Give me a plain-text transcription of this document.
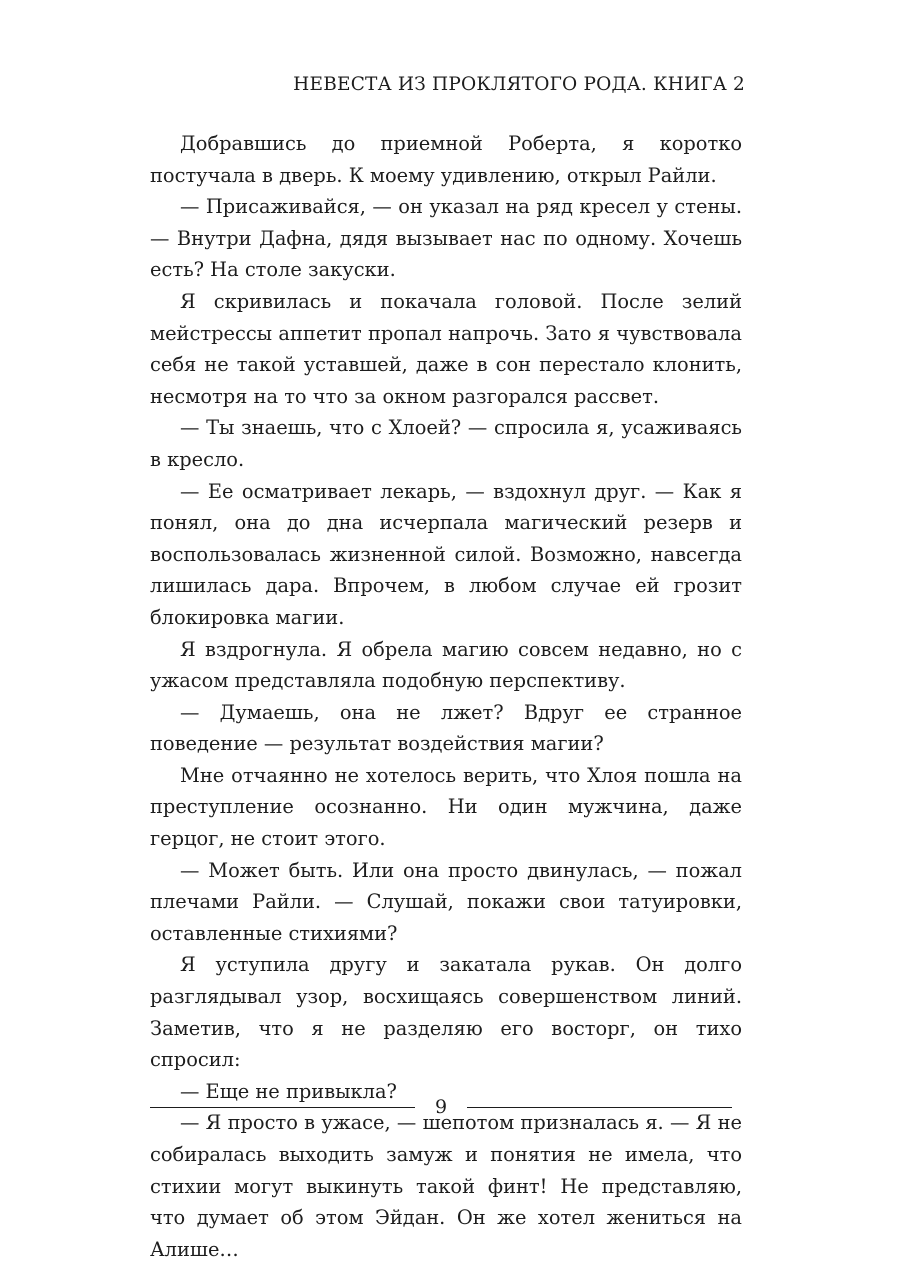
НЕВЕСТА ИЗ ПРОКЛЯТОГО РОДА. КНИГА 2

Добравшись до приемной Роберта, я коротко постучала в дверь. К моему удивлению, открыл Райли.

— Присаживайся, — он указал на ряд кресел у стены. — Внутри Дафна, дядя вызывает нас по одному. Хочешь есть? На столе закуски.

Я скривилась и покачала головой. После зелий мейстрессы аппетит пропал напрочь. Зато я чувствовала себя не такой уставшей, даже в сон перестало клонить, несмотря на то что за окном разгорался рассвет.

— Ты знаешь, что с Хлоей? — спросила я, усаживаясь в кресло.

— Ее осматривает лекарь, — вздохнул друг. — Как я понял, она до дна исчерпала магический резерв и воспользовалась жизненной силой. Возможно, навсегда лишилась дара. Впрочем, в любом случае ей грозит блокировка магии.

Я вздрогнула. Я обрела магию совсем недавно, но с ужасом представляла подобную перспективу.

— Думаешь, она не лжет? Вдруг ее странное поведение — результат воздействия магии?

Мне отчаянно не хотелось верить, что Хлоя пошла на преступление осознанно. Ни один мужчина, даже герцог, не стоит этого.

— Может быть. Или она просто двинулась, — пожал плечами Райли. — Слушай, покажи свои татуировки, оставленные стихиями?

Я уступила другу и закатала рукав. Он долго разглядывал узор, восхищаясь совершенством линий. Заметив, что я не разделяю его восторг, он тихо спросил:

— Еще не привыкла?

— Я просто в ужасе, — шепотом призналась я. — Я не собиралась выходить замуж и понятия не имела, что стихии могут выкинуть такой финт! Не представляю, что думает об этом Эйдан. Он же хотел жениться на Алише…

9
